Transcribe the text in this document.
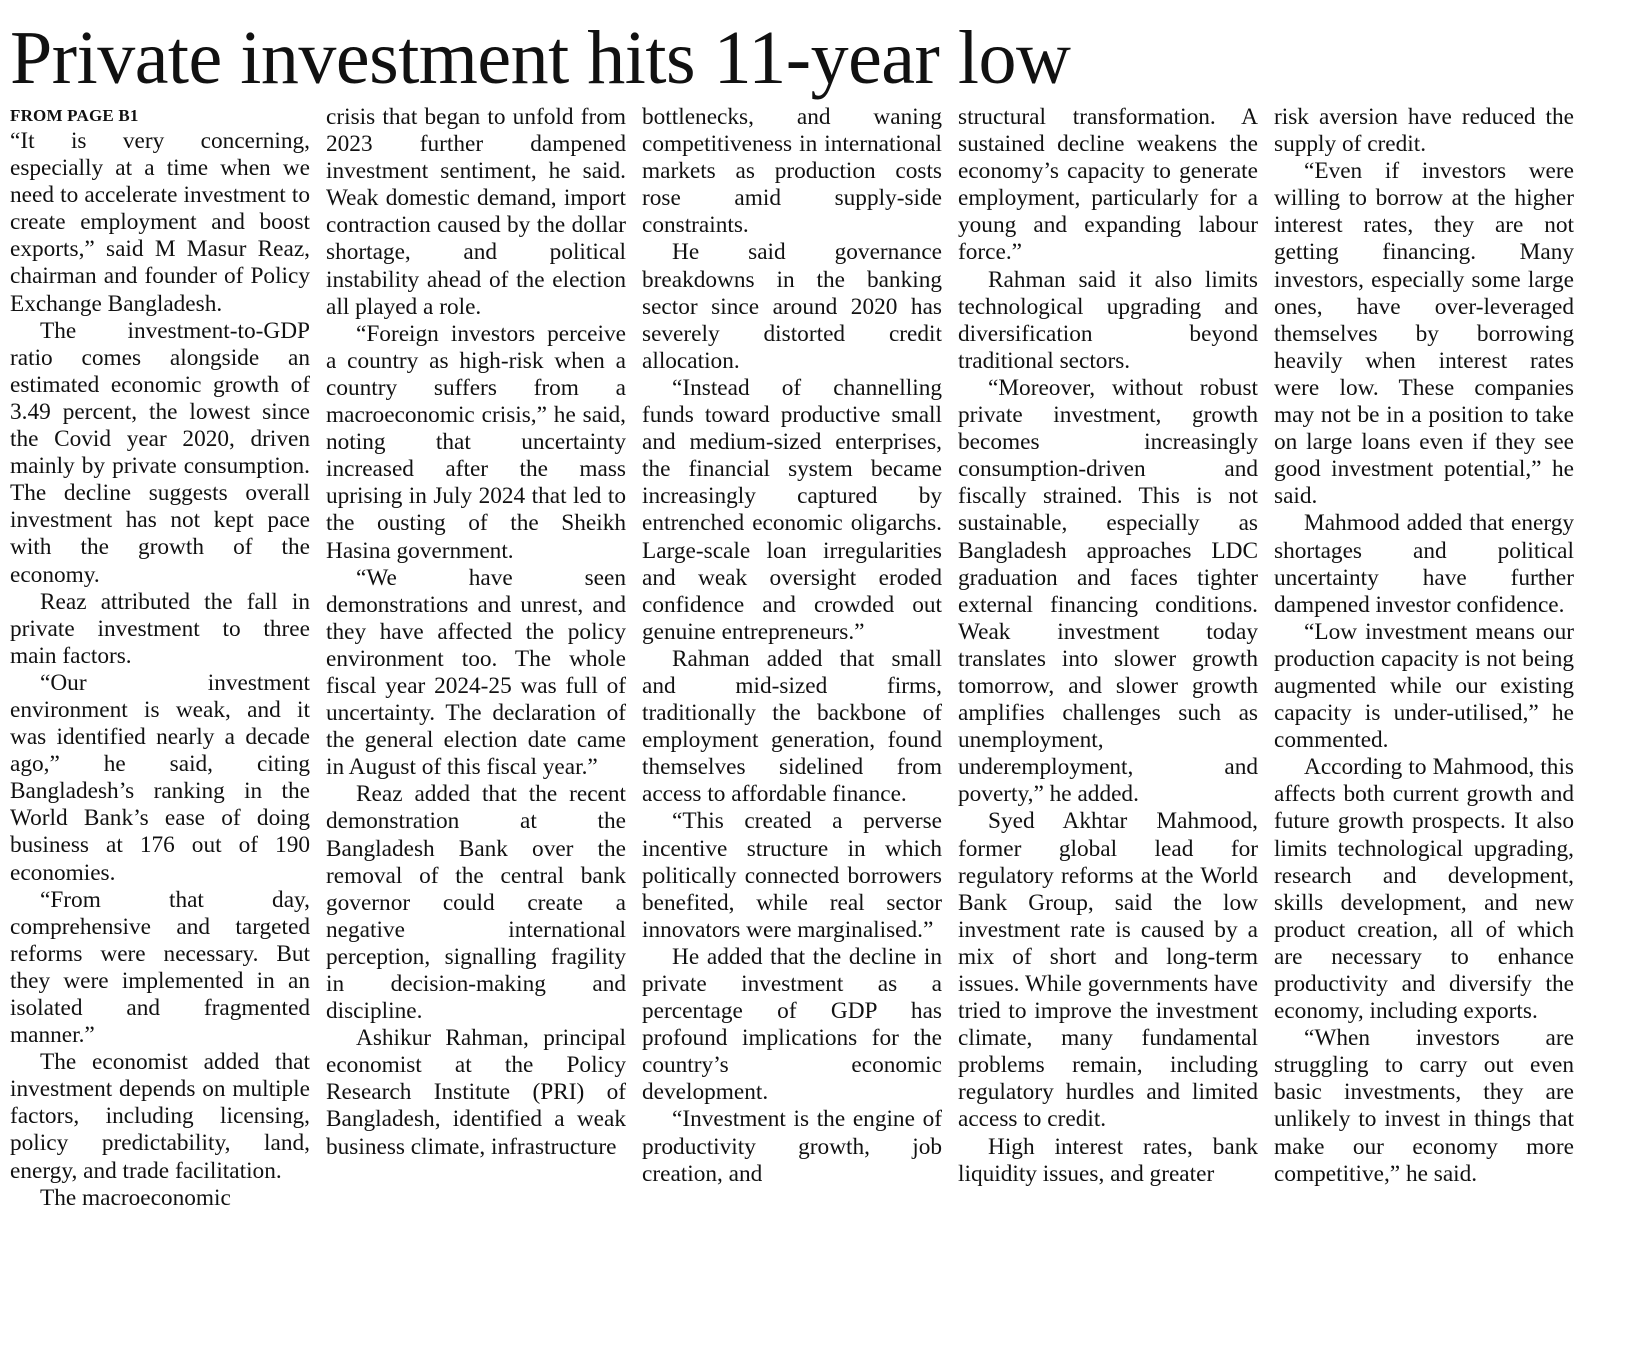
Private investment hits 11-year low
FROM PAGE B1

“It is very concerning, especially at a time when we need to accelerate investment to create employment and boost exports,” said M Masur Reaz, chairman and founder of Policy Exchange Bangladesh.

The investment-to-GDP ratio comes alongside an estimated economic growth of 3.49 percent, the lowest since the Covid year 2020, driven mainly by private consumption. The decline suggests overall investment has not kept pace with the growth of the economy.

Reaz attributed the fall in private investment to three main factors.

“Our investment environment is weak, and it was identified nearly a decade ago,” he said, citing Bangladesh’s ranking in the World Bank’s ease of doing business at 176 out of 190 economies.

“From that day, comprehensive and targeted reforms were necessary. But they were implemented in an isolated and fragmented manner.”

The economist added that investment depends on multiple factors, including licensing, policy predictability, land, energy, and trade facilitation.

The macroeconomic

crisis that began to unfold from 2023 further dampened investment sentiment, he said. Weak domestic demand, import contraction caused by the dollar shortage, and political instability ahead of the election all played a role.

“Foreign investors perceive a country as high-risk when a country suffers from a macroeconomic crisis,” he said, noting that uncertainty increased after the mass uprising in July 2024 that led to the ousting of the Sheikh Hasina government.

“We have seen demonstrations and unrest, and they have affected the policy environment too. The whole fiscal year 2024-25 was full of uncertainty. The declaration of the general election date came in August of this fiscal year.”

Reaz added that the recent demonstration at the Bangladesh Bank over the removal of the central bank governor could create a negative international perception, signalling fragility in decision-making and discipline.

Ashikur Rahman, principal economist at the Policy Research Institute (PRI) of Bangladesh, identified a weak business climate, infrastructure

bottlenecks, and waning competitiveness in international markets as production costs rose amid supply-side constraints.

He said governance breakdowns in the banking sector since around 2020 has severely distorted credit allocation.

“Instead of channelling funds toward productive small and medium-sized enterprises, the financial system became increasingly captured by entrenched economic oligarchs. Large-scale loan irregularities and weak oversight eroded confidence and crowded out genuine entrepreneurs.”

Rahman added that small and mid-sized firms, traditionally the backbone of employment generation, found themselves sidelined from access to affordable finance.

“This created a perverse incentive structure in which politically connected borrowers benefited, while real sector innovators were marginalised.”

He added that the decline in private investment as a percentage of GDP has profound implications for the country’s economic development.

“Investment is the engine of productivity growth, job creation, and

structural transformation. A sustained decline weakens the economy’s capacity to generate employment, particularly for a young and expanding labour force.”

Rahman said it also limits technological upgrading and diversification beyond traditional sectors.

“Moreover, without robust private investment, growth becomes increasingly consumption-driven and fiscally strained. This is not sustainable, especially as Bangladesh approaches LDC graduation and faces tighter external financing conditions. Weak investment today translates into slower growth tomorrow, and slower growth amplifies challenges such as unemployment, underemployment, and poverty,” he added.

Syed Akhtar Mahmood, former global lead for regulatory reforms at the World Bank Group, said the low investment rate is caused by a mix of short and long-term issues. While governments have tried to improve the investment climate, many fundamental problems remain, including regulatory hurdles and limited access to credit.

High interest rates, bank liquidity issues, and greater

risk aversion have reduced the supply of credit.

“Even if investors were willing to borrow at the higher interest rates, they are not getting financing. Many investors, especially some large ones, have over-leveraged themselves by borrowing heavily when interest rates were low. These companies may not be in a position to take on large loans even if they see good investment potential,” he said.

Mahmood added that energy shortages and political uncertainty have further dampened investor confidence.

“Low investment means our production capacity is not being augmented while our existing capacity is under-utilised,” he commented.

According to Mahmood, this affects both current growth and future growth prospects. It also limits technological upgrading, research and development, skills development, and new product creation, all of which are necessary to enhance productivity and diversify the economy, including exports.

“When investors are struggling to carry out even basic investments, they are unlikely to invest in things that make our economy more competitive,” he said.
